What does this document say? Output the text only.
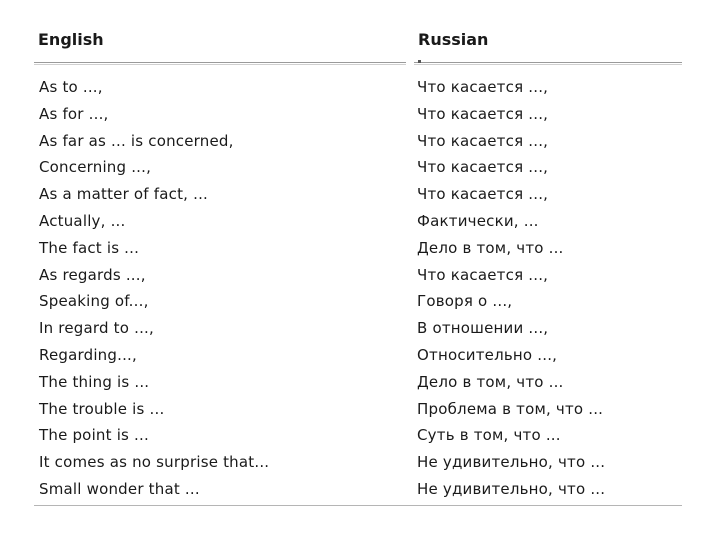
English	Russian
As to ...,	Что касается ...,
As for ...,	Что касается ...,
As far as ... is concerned,	Что касается ...,
Concerning ...,	Что касается ...,
As a matter of fact, ...	Что касается ...,
Actually, ...	Фактически, ...
The fact is ...	Дело в том, что ...
As regards ...,	Что касается ...,
Speaking of...,	Говоря о ...,
In regard to ...,	В отношении ...,
Regarding...,	Относительно ...,
The thing is ...	Дело в том, что ...
The trouble is ...	Проблема в том, что ...
The point is ...	Суть в том, что ...
It comes as no surprise that...	Не удивительно, что ...
Small wonder that ...	Не удивительно, что ...
